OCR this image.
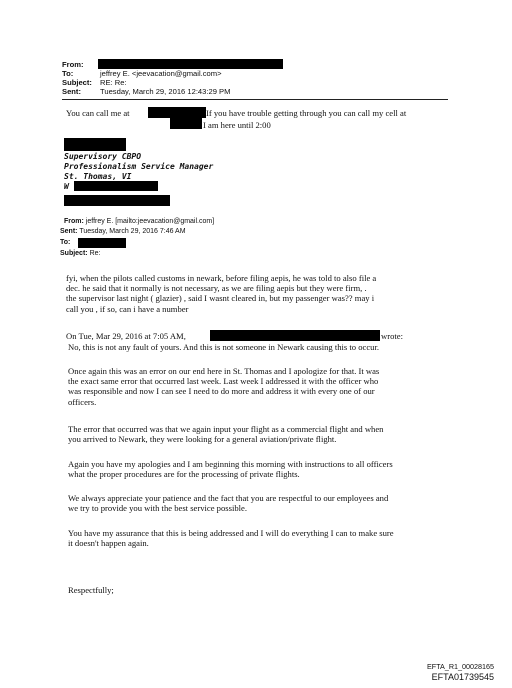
From:
To:	jeffrey E. <jeevacation@gmail.com>
Subject: RE: Re:
Sent:	Tuesday, March 29, 2016 12:43:29 PM
You can call me at	If you have trouble getting through you can call my cell at
I am here until 2:00
Supervisory CBPO
Professionalism Service Manager
St. Thomas, VI
W
From: jeffrey E. [mailto:jeevacation@gmail.com]
Sent: Tuesday, March 29, 2016 7:46 AM
To:
Subject: Re:
fyi, when the pilots called customs in newark, before filing aepis, he was told to also file a
dec. he said that it normally is not necessary, as we are filing aepis but they were firm, .
the supervisor last night ( glazier) , said I wasnt cleared in, but my passenger was?? may i
call you , if so, can i have a number
On Tue, Mar 29, 2016 at 7:05 AM,	wrote:
No, this is not any fault of yours. And this is not someone in Newark causing this to occur.
Once again this was an error on our end here in St. Thomas and I apologize for that. It was
the exact same error that occurred last week. Last week I addressed it with the officer who
was responsible and now I can see I need to do more and address it with every one of our
officers.
The error that occurred was that we again input your flight as a commercial flight and when
you arrived to Newark, they were looking for a general aviation/private flight.
Again you have my apologies and I am beginning this morning with instructions to all officers
what the proper procedures are for the processing of private flights.
We always appreciate your patience and the fact that you are respectful to our employees and
we try to provide you with the best service possible.
You have my assurance that this is being addressed and I will do everything I can to make sure
it doesn't happen again.
Respectfully;
EFTA_R1_00028165
EFTA01739545
